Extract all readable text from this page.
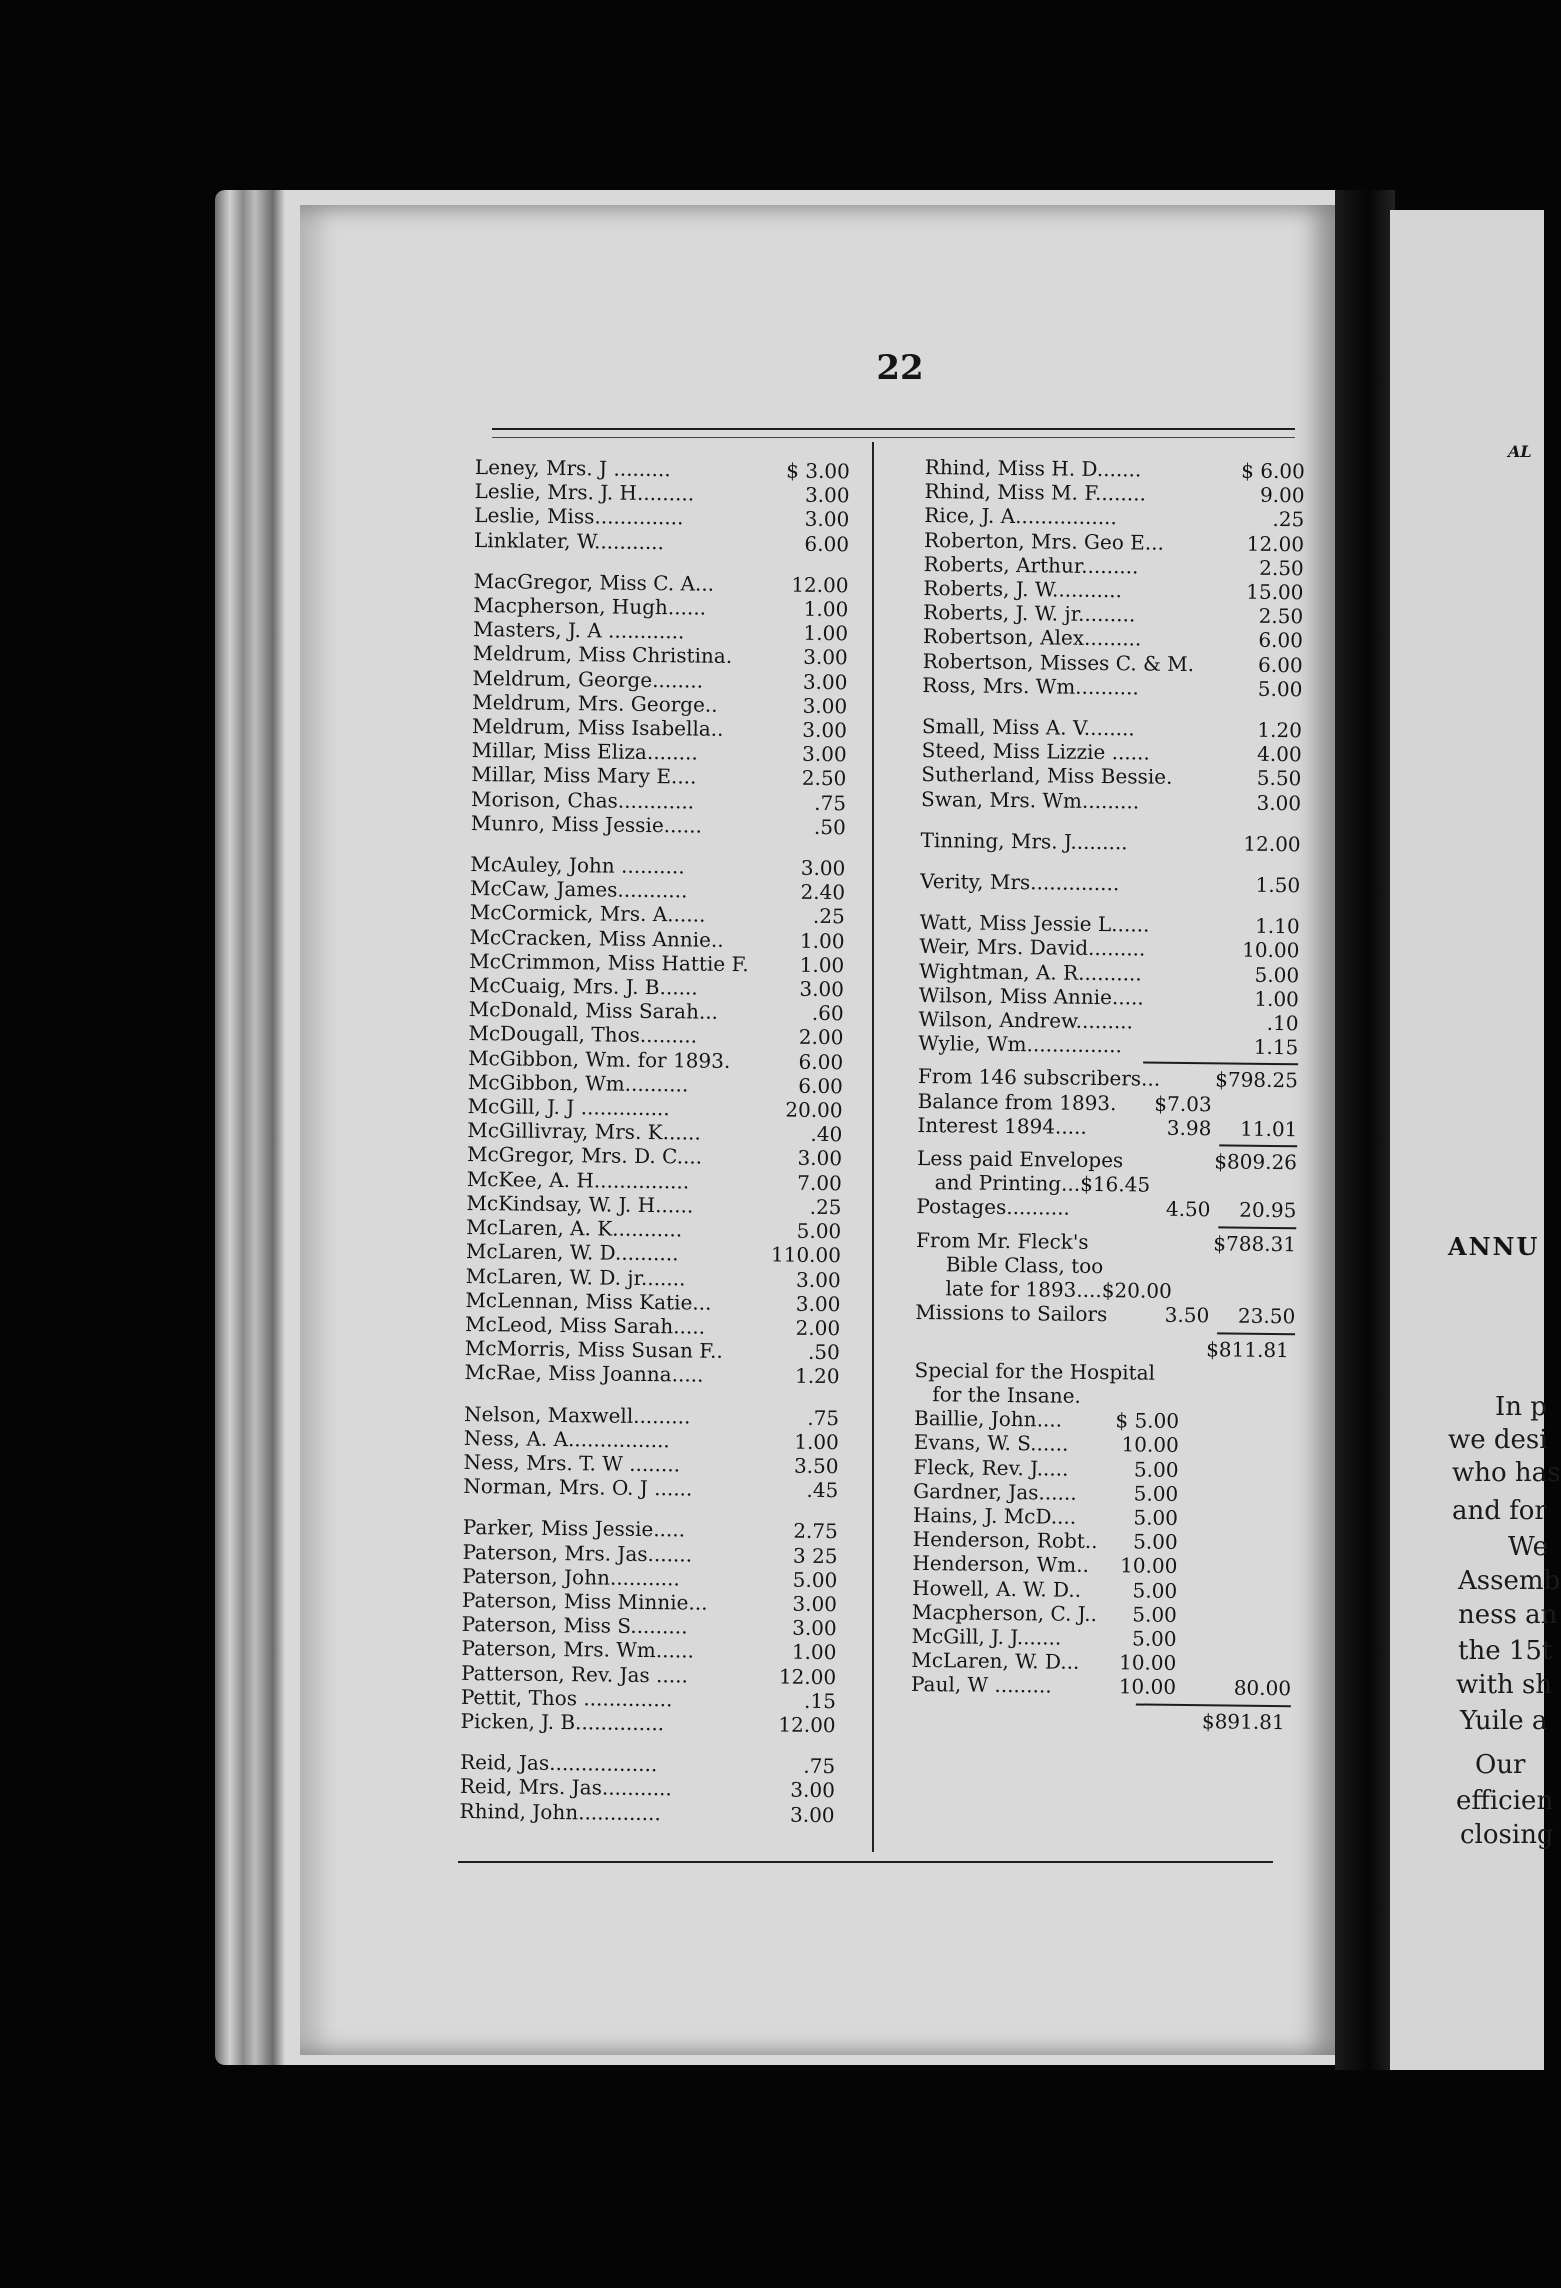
22
Leney, Mrs. J .........	$ 3.00
Leslie, Mrs. J. H.........	3.00
Leslie, Miss..............	3.00
Linklater, W...........	6.00
MacGregor, Miss C. A...	12.00
Macpherson, Hugh......	1.00
Masters, J. A ............	1.00
Meldrum, Miss Christina.	3.00
Meldrum, George........	3.00
Meldrum, Mrs. George..	3.00
Meldrum, Miss Isabella..	3.00
Millar, Miss Eliza........	3.00
Millar, Miss Mary E....	2.50
Morison, Chas............	.75
Munro, Miss Jessie......	.50
McAuley, John ..........	3.00
McCaw, James...........	2.40
McCormick, Mrs. A......	.25
McCracken, Miss Annie..	1.00
McCrimmon, Miss Hattie F.	1.00
McCuaig, Mrs. J. B......	3.00
McDonald, Miss Sarah...	.60
McDougall, Thos.........	2.00
McGibbon, Wm. for 1893.	6.00
McGibbon, Wm..........	6.00
McGill, J. J ..............	20.00
McGillivray, Mrs. K......	.40
McGregor, Mrs. D. C....	3.00
McKee, A. H...............	7.00
McKindsay, W. J. H......	.25
McLaren, A. K...........	5.00
McLaren, W. D..........	110.00
McLaren, W. D. jr.......	3.00
McLennan, Miss Katie...	3.00
McLeod, Miss Sarah.....	2.00
McMorris, Miss Susan F..	.50
McRae, Miss Joanna.....	1.20
Nelson, Maxwell.........	.75
Ness, A. A................	1.00
Ness, Mrs. T. W ........	3.50
Norman, Mrs. O. J ......	.45
Parker, Miss Jessie.....	2.75
Paterson, Mrs. Jas.......	3 25
Paterson, John...........	5.00
Paterson, Miss Minnie...	3.00
Paterson, Miss S.........	3.00
Paterson, Mrs. Wm......	1.00
Patterson, Rev. Jas .....	12.00
Pettit, Thos ..............	.15
Picken, J. B..............	12.00
Reid, Jas.................	.75
Reid, Mrs. Jas...........	3.00
Rhind, John.............	3.00
Rhind, Miss H. D.......	$ 6.00
Rhind, Miss M. F........	9.00
Rice, J. A................	.25
Roberton, Mrs. Geo E...	12.00
Roberts, Arthur.........	2.50
Roberts, J. W...........	15.00
Roberts, J. W. jr.........	2.50
Robertson, Alex.........	6.00
Robertson, Misses C. & M.	6.00
Ross, Mrs. Wm..........	5.00
Small, Miss A. V........	1.20
Steed, Miss Lizzie ......	4.00
Sutherland, Miss Bessie.	5.50
Swan, Mrs. Wm.........	3.00
Tinning, Mrs. J.........	12.00
Verity, Mrs..............	1.50
Watt, Miss Jessie L......	1.10
Weir, Mrs. David.........	10.00
Wightman, A. R..........	5.00
Wilson, Miss Annie.....	1.00
Wilson, Andrew.........	.10
Wylie, Wm...............	1.15
From 146 subscribers...	$798.25
Balance from 1893.	$7.03
Interest 1894.....	3.98	11.01
Less paid Envelopes	$809.26
and Printing...$16.45
Postages..........	4.50	20.95
From Mr. Fleck's	$788.31
Bible Class, too
late for 1893....$20.00
Missions to Sailors	3.50	23.50
$811.81
Special for the Hospital
for the Insane.
Baillie, John....	$ 5.00
Evans, W. S......	10.00
Fleck, Rev. J.....	5.00
Gardner, Jas......	5.00
Hains, J. McD....	5.00
Henderson, Robt..	5.00
Henderson, Wm..	10.00
Howell, A. W. D..	5.00
Macpherson, C. J..	5.00
McGill, J. J.......	5.00
McLaren, W. D...	10.00
Paul, W .........	10.00	80.00
$891.81
AL
ANNU
In p
we desi
who has
and for
We
Assemb
ness an
the 15t
with sh
Yuile a
Our
efficien
closing
